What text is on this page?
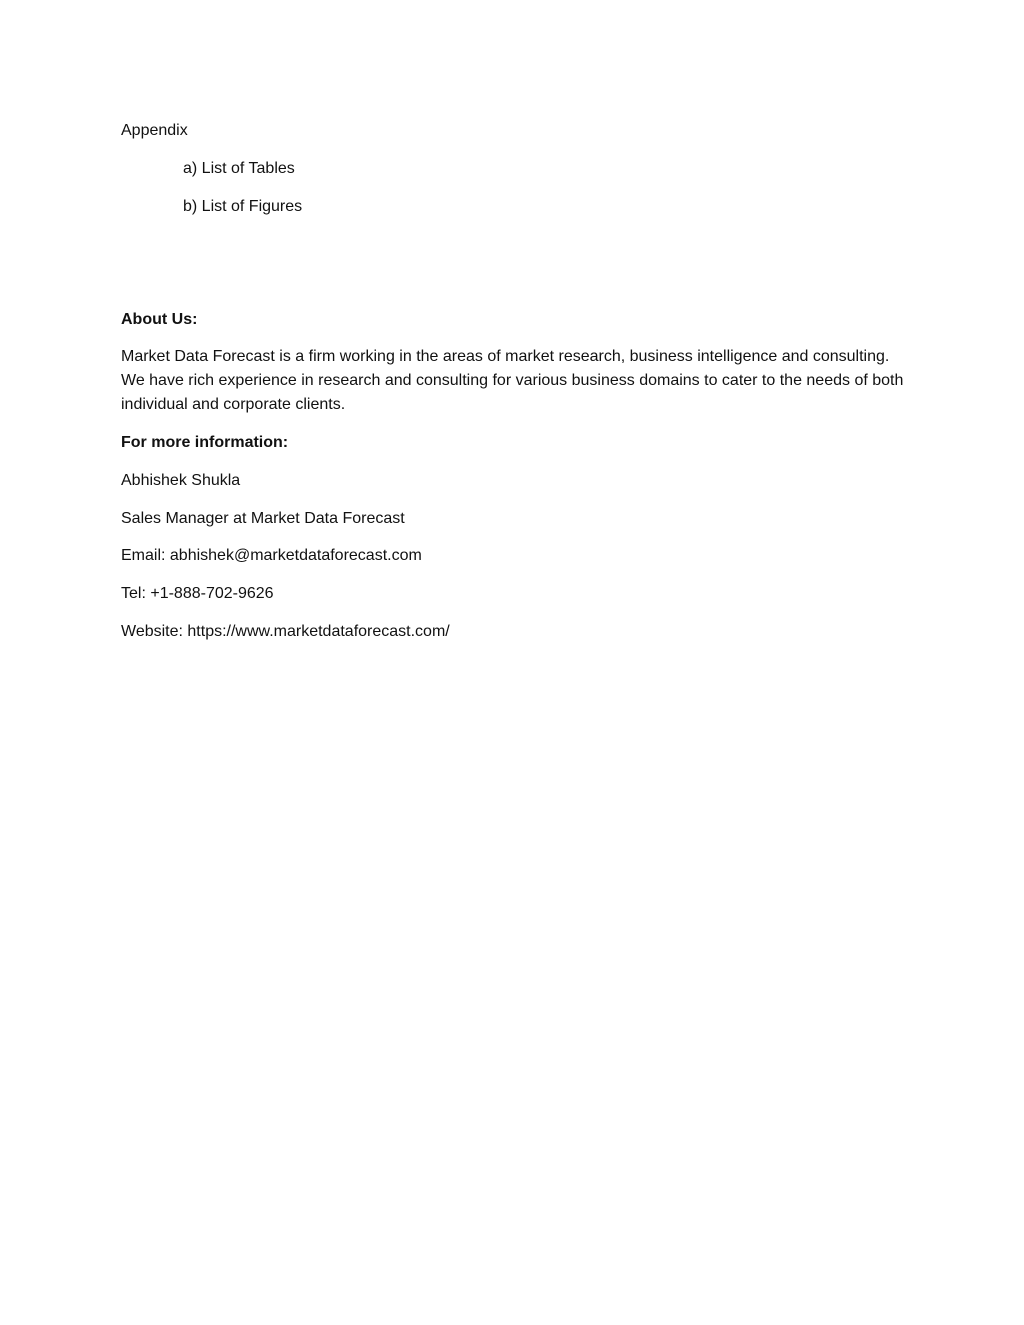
Appendix
a) List of Tables
b) List of Figures
About Us:
Market Data Forecast is a firm working in the areas of market research, business intelligence and consulting. We have rich experience in research and consulting for various business domains to cater to the needs of both individual and corporate clients.
For more information:
Abhishek Shukla
Sales Manager at Market Data Forecast
Email: abhishek@marketdataforecast.com
Tel: +1-888-702-9626
Website: https://www.marketdataforecast.com/
